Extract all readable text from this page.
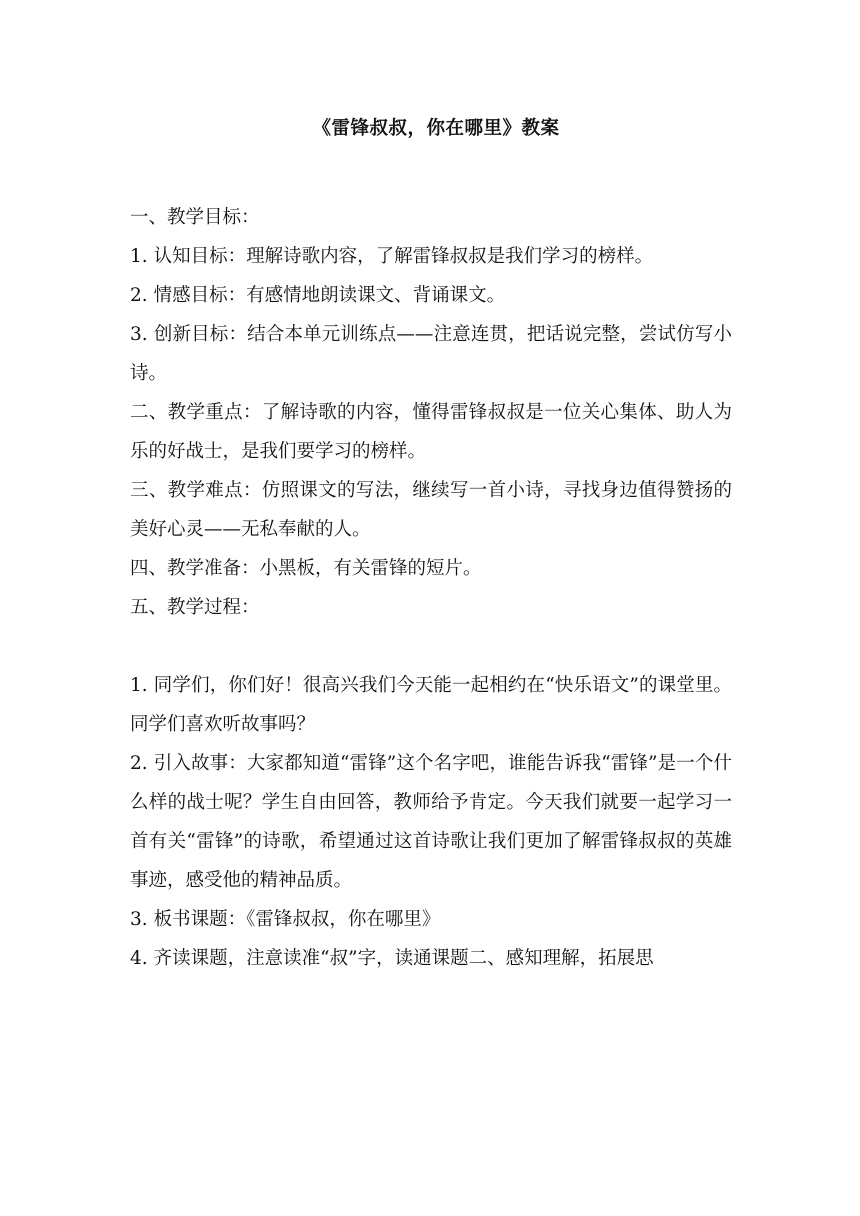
《雷锋叔叔，你在哪里》教案

一、教学目标：

1. 认知目标：理解诗歌内容，了解雷锋叔叔是我们学习的榜样。

2. 情感目标：有感情地朗读课文、背诵课文。

3. 创新目标：结合本单元训练点——注意连贯，把话说完整，尝试仿写小诗。

二、教学重点：了解诗歌的内容，懂得雷锋叔叔是一位关心集体、助人为乐的好战士，是我们要学习的榜样。

三、教学难点：仿照课文的写法，继续写一首小诗，寻找身边值得赞扬的美好心灵——无私奉献的人。

四、教学准备：小黑板，有关雷锋的短片。

五、教学过程：

1. 同学们，你们好！很高兴我们今天能一起相约在“快乐语文”的课堂里。同学们喜欢听故事吗？

2. 引入故事：大家都知道“雷锋”这个名字吧，谁能告诉我“雷锋”是一个什么样的战士呢？学生自由回答，教师给予肯定。今天我们就要一起学习一首有关“雷锋”的诗歌，希望通过这首诗歌让我们更加了解雷锋叔叔的英雄事迹，感受他的精神品质。

3. 板书课题：《雷锋叔叔，你在哪里》

4. 齐读课题，注意读准“叔”字，读通课题二、感知理解，拓展思
